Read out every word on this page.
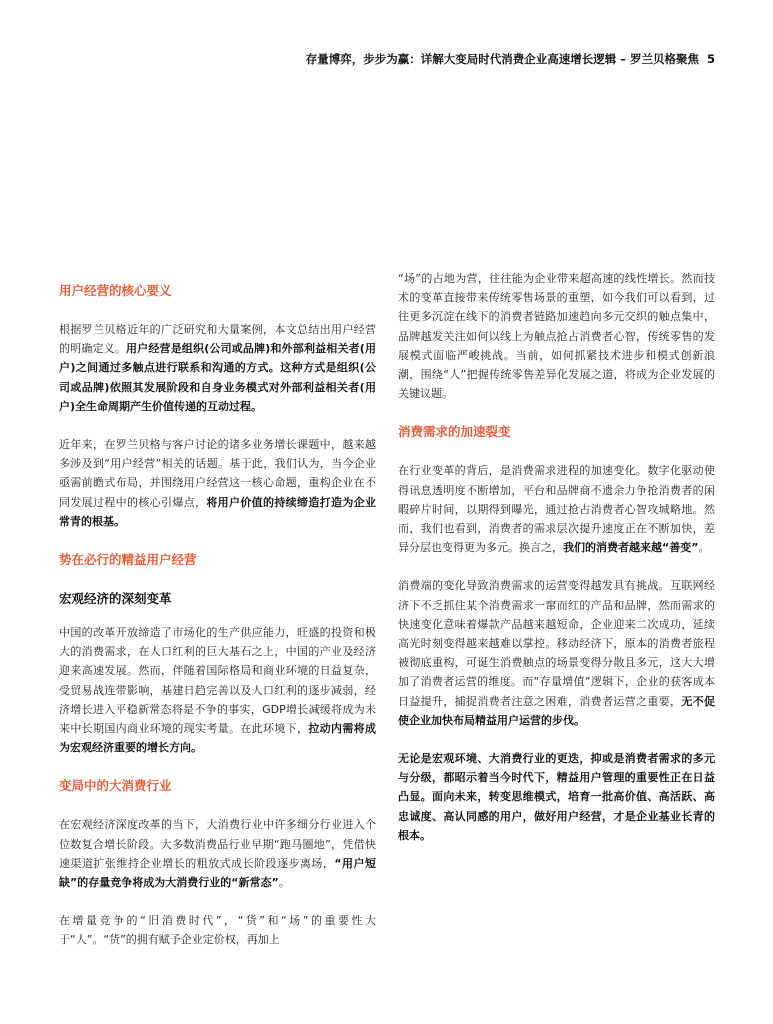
存量博弈，步步为赢：详解大变局时代消费企业高速增长逻辑 – 罗兰贝格聚焦 5
用户经营的核心要义

根据罗兰贝格近年的广泛研究和大量案例，本文总结出用户经营的明确定义。用户经营是组织(公司或品牌)和外部利益相关者(用户)之间通过多触点进行联系和沟通的方式。这种方式是组织(公司或品牌)依照其发展阶段和自身业务模式对外部利益相关者(用户)全生命周期产生价值传递的互动过程。

近年来，在罗兰贝格与客户讨论的诸多业务增长课题中，越来越多涉及到“用户经营”相关的话题。基于此，我们认为，当今企业亟需前瞻式布局，并围绕用户经营这一核心命题，重构企业在不同发展过程中的核心引爆点，将用户价值的持续缔造打造为企业常青的根基。

势在必行的精益用户经营
宏观经济的深刻变革

中国的改革开放缔造了市场化的生产供应能力，旺盛的投资和极大的消费需求，在人口红利的巨大基石之上，中国的产业及经济迎来高速发展。然而，伴随着国际格局和商业环境的日益复杂，受贸易战连带影响，基建日趋完善以及人口红利的逐步减弱，经济增长进入平稳新常态将是不争的事实，GDP增长减缓将成为未来中长期国内商业环境的现实考量。在此环境下，拉动内需将成为宏观经济重要的增长方向。

变局中的大消费行业

在宏观经济深度改革的当下，大消费行业中许多细分行业进入个位数复合增长阶段。大多数消费品行业早期“跑马圈地”，凭借快速渠道扩张维持企业增长的粗放式成长阶段逐步离场，“用户短缺”的存量竞争将成为大消费行业的“新常态”。

在增量竞争的“旧消费时代”，“货”和“场”的重要性大于“人”。“货”的拥有赋予企业定价权，再加上

“场”的占地为营，往往能为企业带来超高速的线性增长。然而技术的变革直接带来传统零售场景的重塑，如今我们可以看到，过往更多沉淀在线下的消费者链路加速趋向多元交织的触点集中，品牌越发关注如何以线上为触点抢占消费者心智，传统零售的发展模式面临严峻挑战。当前，如何抓紧技术进步和模式创新浪潮，围绕“人”把握传统零售差异化发展之道，将成为企业发展的关键议题。

消费需求的加速裂变

在行业变革的背后，是消费需求进程的加速变化。数字化驱动使得讯息透明度不断增加，平台和品牌商不遗余力争抢消费者的闲暇碎片时间，以期得到曝光，通过抢占消费者心智攻城略地。然而，我们也看到，消费者的需求层次提升速度正在不断加快，差异分层也变得更为多元。换言之，我们的消费者越来越“善变”。

消费端的变化导致消费需求的运营变得越发具有挑战。互联网经济下不乏抓住某个消费需求一窜而红的产品和品牌，然而需求的快速变化意味着爆款产品越来越短命，企业迎来二次成功，延续高光时刻变得越来越难以掌控。移动经济下，原本的消费者旅程被彻底重构，可诞生消费触点的场景变得分散且多元，这大大增加了消费者运营的维度。而“存量增值”逻辑下，企业的获客成本日益提升，捕捉消费者注意之困难，消费者运营之重要，无不促使企业加快布局精益用户运营的步伐。

无论是宏观环境、大消费行业的更迭，抑或是消费者需求的多元与分级，都昭示着当今时代下，精益用户管理的重要性正在日益凸显。面向未来，转变思维模式，培育一批高价值、高活跃、高忠诚度、高认同感的用户，做好用户经营，才是企业基业长青的根本。
